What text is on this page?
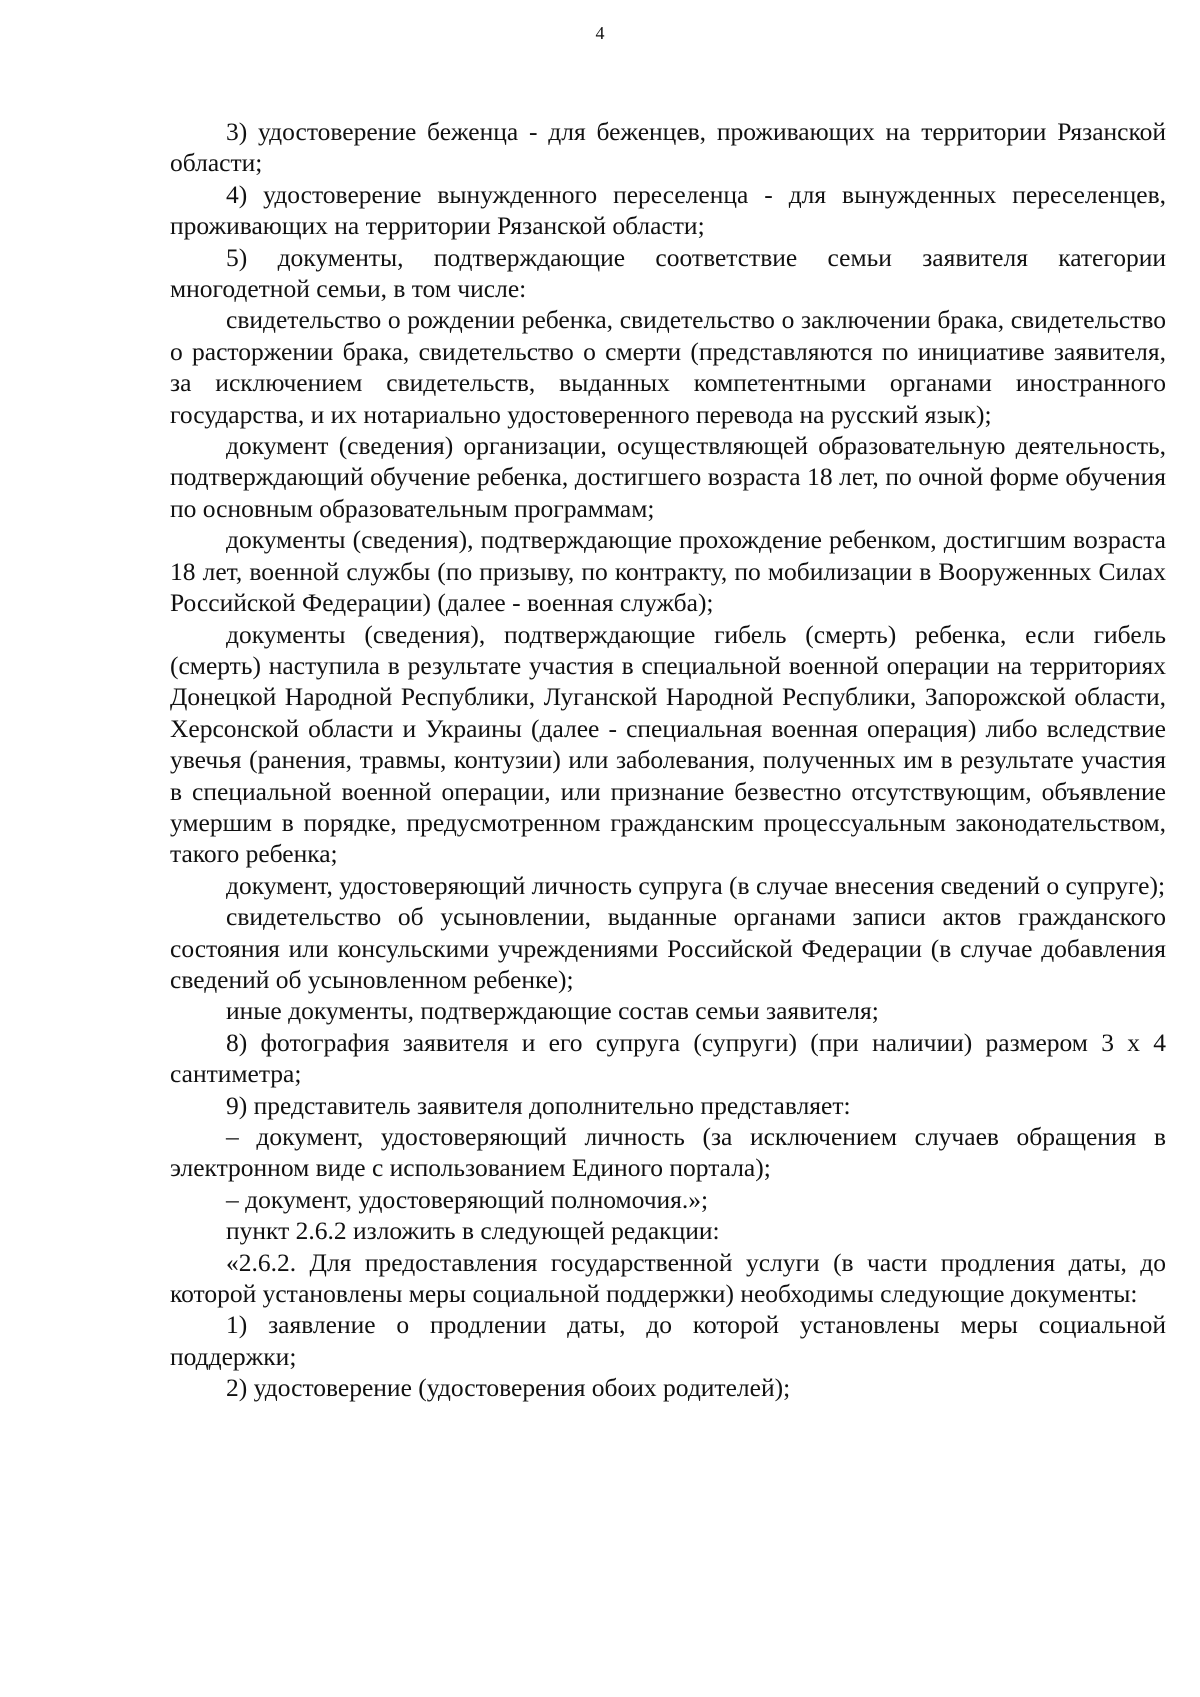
4

3) удостоверение беженца - для беженцев, проживающих на территории Рязанской области;

4) удостоверение вынужденного переселенца - для вынужденных переселенцев, проживающих на территории Рязанской области;

5) документы, подтверждающие соответствие семьи заявителя категории многодетной семьи, в том числе:

свидетельство о рождении ребенка, свидетельство о заключении брака, свидетельство о расторжении брака, свидетельство о смерти (представляются по инициативе заявителя, за исключением свидетельств, выданных компетентными органами иностранного государства, и их нотариально удостоверенного перевода на русский язык);

документ (сведения) организации, осуществляющей образовательную деятельность, подтверждающий обучение ребенка, достигшего возраста 18 лет, по очной форме обучения по основным образовательным программам;

документы (сведения), подтверждающие прохождение ребенком, достигшим возраста 18 лет, военной службы (по призыву, по контракту, по мобилизации в Вооруженных Силах Российской Федерации) (далее - военная служба);

документы (сведения), подтверждающие гибель (смерть) ребенка, если гибель (смерть) наступила в результате участия в специальной военной операции на территориях Донецкой Народной Республики, Луганской Народной Республики, Запорожской области, Херсонской области и Украины (далее - специальная военная операция) либо вследствие увечья (ранения, травмы, контузии) или заболевания, полученных им в результате участия в специальной военной операции, или признание безвестно отсутствующим, объявление умершим в порядке, предусмотренном гражданским процессуальным законодательством, такого ребенка;

документ, удостоверяющий личность супруга (в случае внесения сведений о супруге);

свидетельство об усыновлении, выданные органами записи актов гражданского состояния или консульскими учреждениями Российской Федерации (в случае добавления сведений об усыновленном ребенке);

иные документы, подтверждающие состав семьи заявителя;

8) фотография заявителя и его супруга (супруги) (при наличии) размером 3 x 4 сантиметра;

9) представитель заявителя дополнительно представляет:

– документ, удостоверяющий личность (за исключением случаев обращения в электронном виде с использованием Единого портала);

– документ, удостоверяющий полномочия.»;

пункт 2.6.2 изложить в следующей редакции:

«2.6.2. Для предоставления государственной услуги (в части продления даты, до которой установлены меры социальной поддержки) необходимы следующие документы:

1) заявление о продлении даты, до которой установлены меры социальной поддержки;

2) удостоверение (удостоверения обоих родителей);
